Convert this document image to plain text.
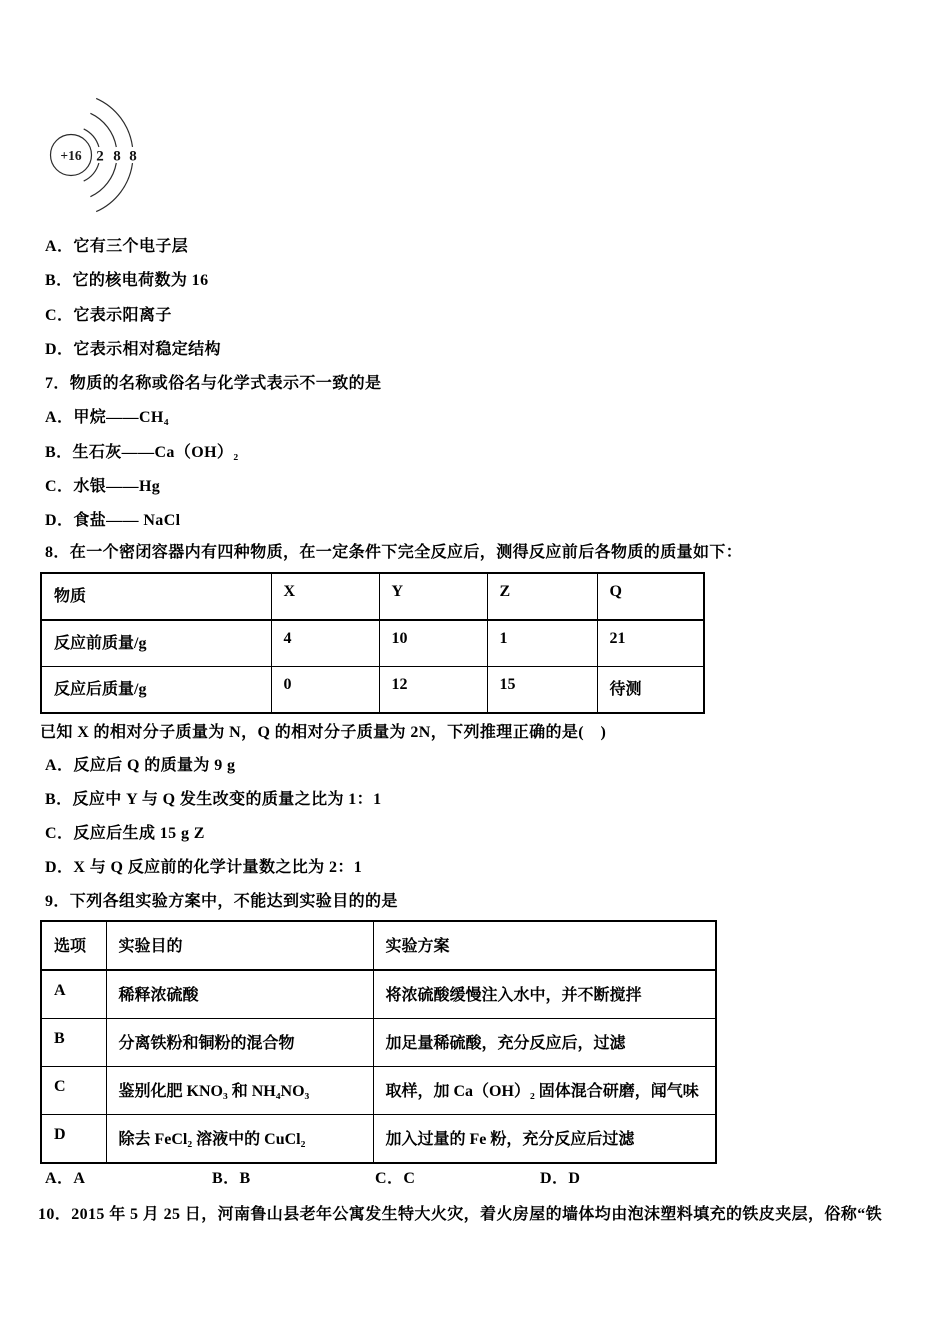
+16 2 8 8
A．它有三个电子层
B．它的核电荷数为 16
C．它表示阳离子
D．它表示相对稳定结构
7．物质的名称或俗名与化学式表示不一致的是
A．甲烷——CH₄
B．生石灰——Ca（OH）₂
C．水银——Hg
D．食盐—— NaCl
8．在一个密闭容器内有四种物质，在一定条件下完全反应后，测得反应前后各物质的质量如下：
物质	X	Y	Z	Q
反应前质量/g	4	10	1	21
反应后质量/g	0	12	15	待测
已知 X 的相对分子质量为 N，Q 的相对分子质量为 2N，下列推理正确的是(　)
A．反应后 Q 的质量为 9 g
B．反应中 Y 与 Q 发生改变的质量之比为 1：1
C．反应后生成 15 g Z
D．X 与 Q 反应前的化学计量数之比为 2：1
9．下列各组实验方案中，不能达到实验目的的是
选项	实验目的	实验方案
A	稀释浓硫酸	将浓硫酸缓慢注入水中，并不断搅拌
B	分离铁粉和铜粉的混合物	加足量稀硫酸，充分反应后，过滤
C	鉴别化肥 KNO₃ 和 NH₄NO₃	取样，加 Ca（OH）₂ 固体混合研磨，闻气味
D	除去 FeCl₂ 溶液中的 CuCl₂	加入过量的 Fe 粉，充分反应后过滤
A．A	B．B	C．C	D．D
10．2015 年 5 月 25 日，河南鲁山县老年公寓发生特大火灾，着火房屋的墙体均由泡沫塑料填充的铁皮夹层，俗称“铁
